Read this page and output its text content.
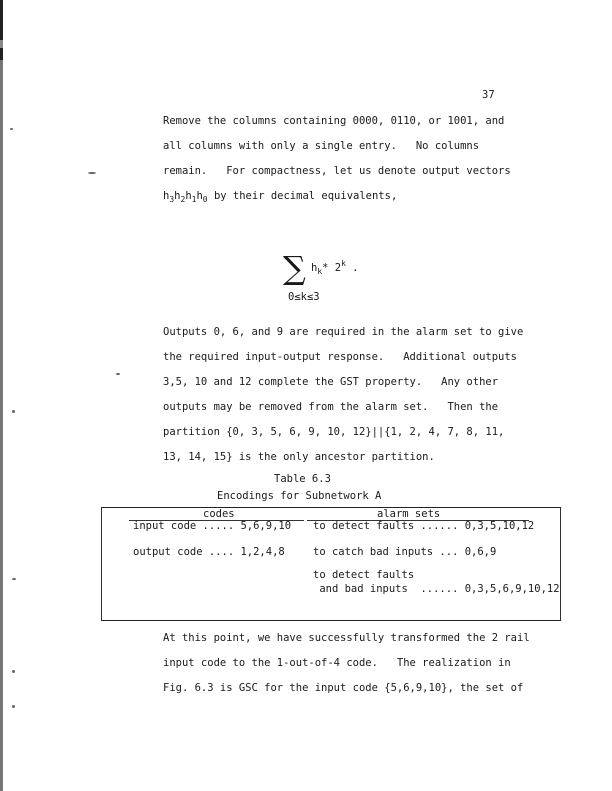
37
Remove the columns containing 0000, 0110, or 1001, and
all columns with only a single entry.   No columns
remain.   For compactness, let us denote output vectors
$h_3h_2h_1h_0$ by their decimal equivalents,
∑ $h_k*$ 2$^k$ .
0≤k≤3
Outputs 0, 6, and 9 are required in the alarm set to give
the required input-output response.   Additional outputs
3,5, 10 and 12 complete the GST property.   Any other
outputs may be removed from the alarm set.   Then the
partition {0, 3, 5, 6, 9, 10, 12}||{1, 2, 4, 7, 8, 11,
13, 14, 15} is the only ancestor partition.
Table 6.3
Encodings for Subnetwork A
codes	alarm sets
input code ..... 5,6,9,10
output code .... 1,2,4,8
to detect faults ...... 0,3,5,10,12
to catch bad inputs ... 0,6,9
to detect faults
and bad inputs  ...... 0,3,5,6,9,10,12
At this point, we have successfully transformed the 2 rail
input code to the 1-out-of-4 code.   The realization in
Fig. 6.3 is GSC for the input code {5,6,9,10}, the set of
